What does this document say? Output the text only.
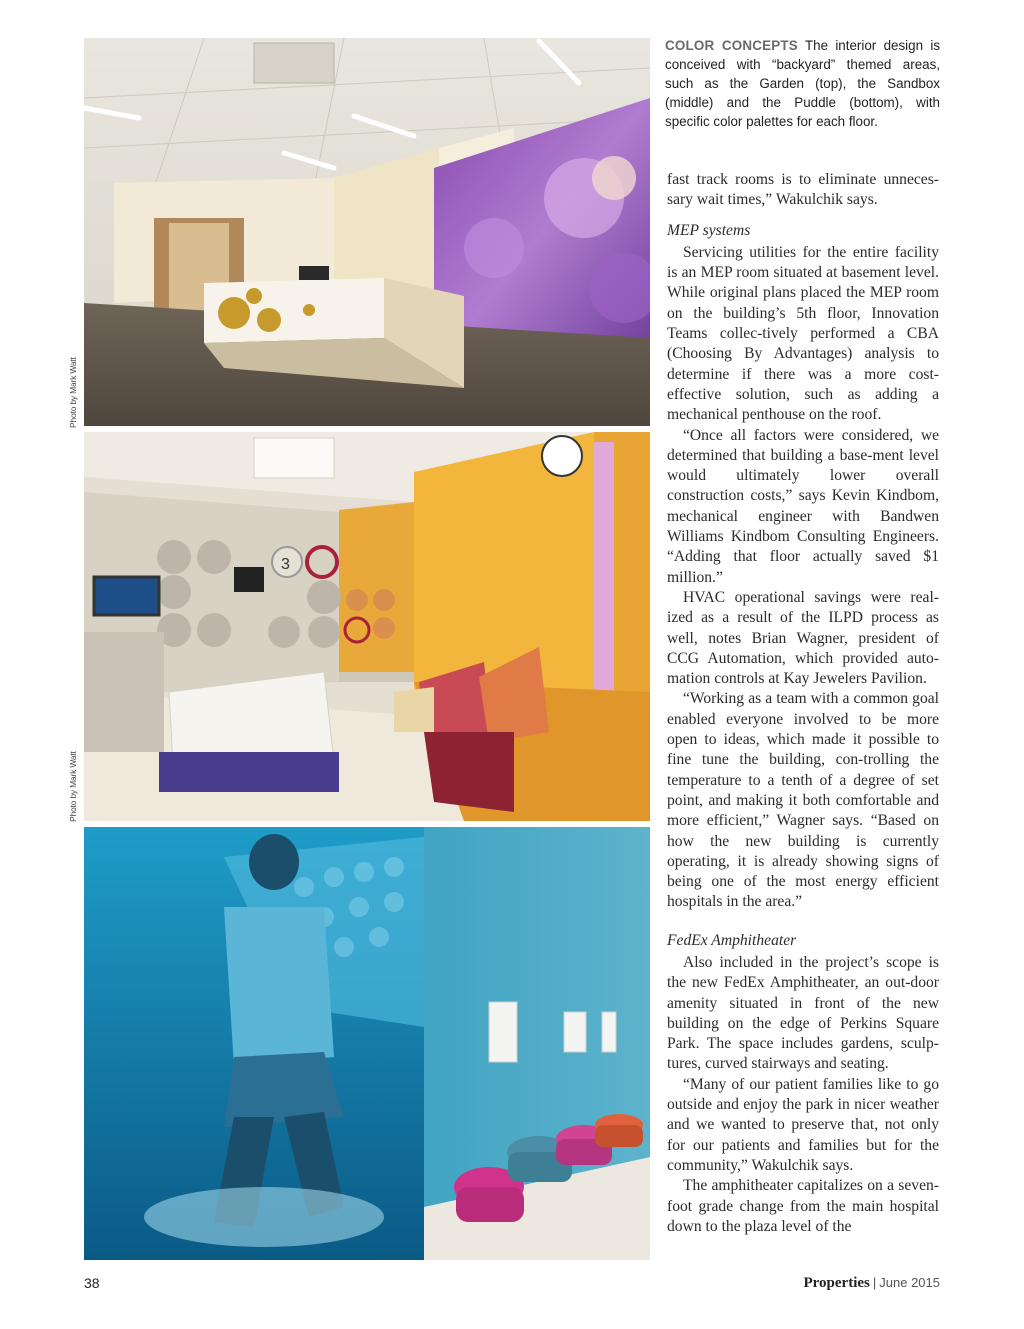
Photo by Mark Watt
3
Photo by Mark Watt

COLOR CONCEPTS The interior design is conceived with “backyard” themed areas, such as the Garden (top), the Sandbox (middle) and the Puddle (bottom), with specific color palettes for each floor.

fast track rooms is to eliminate unneces-sary wait times,” Wakulchik says.

MEP systems

Servicing utilities for the entire facility is an MEP room situated at basement level. While original plans placed the MEP room on the building’s 5th floor, Innovation Teams collec-tively performed a CBA (Choosing By Advantages) analysis to determine if there was a more cost-effective solution, such as adding a mechanical penthouse on the roof.

“Once all factors were considered, we determined that building a base-ment level would ultimately lower overall construction costs,” says Kevin Kindbom, mechanical engineer with Bandwen Williams Kindbom Consulting Engineers. “Adding that floor actually saved $1 million.”

HVAC operational savings were real-ized as a result of the ILPD process as well, notes Brian Wagner, president of CCG Automation, which provided auto-mation controls at Kay Jewelers Pavilion.

“Working as a team with a common goal enabled everyone involved to be more open to ideas, which made it possible to fine tune the building, con-trolling the temperature to a tenth of a degree of set point, and making it both comfortable and more efficient,” Wagner says. “Based on how the new building is currently operating, it is already showing signs of being one of the most energy efficient hospitals in the area.”

FedEx Amphitheater

Also included in the project’s scope is the new FedEx Amphitheater, an out-door amenity situated in front of the new building on the edge of Perkins Square Park. The space includes gardens, sculp-tures, curved stairways and seating.

“Many of our patient families like to go outside and enjoy the park in nicer weather and we wanted to preserve that, not only for our patients and families but for the community,” Wakulchik says.

The amphitheater capitalizes on a seven-foot grade change from the main hospital down to the plaza level of the

38	Properties | June 2015
